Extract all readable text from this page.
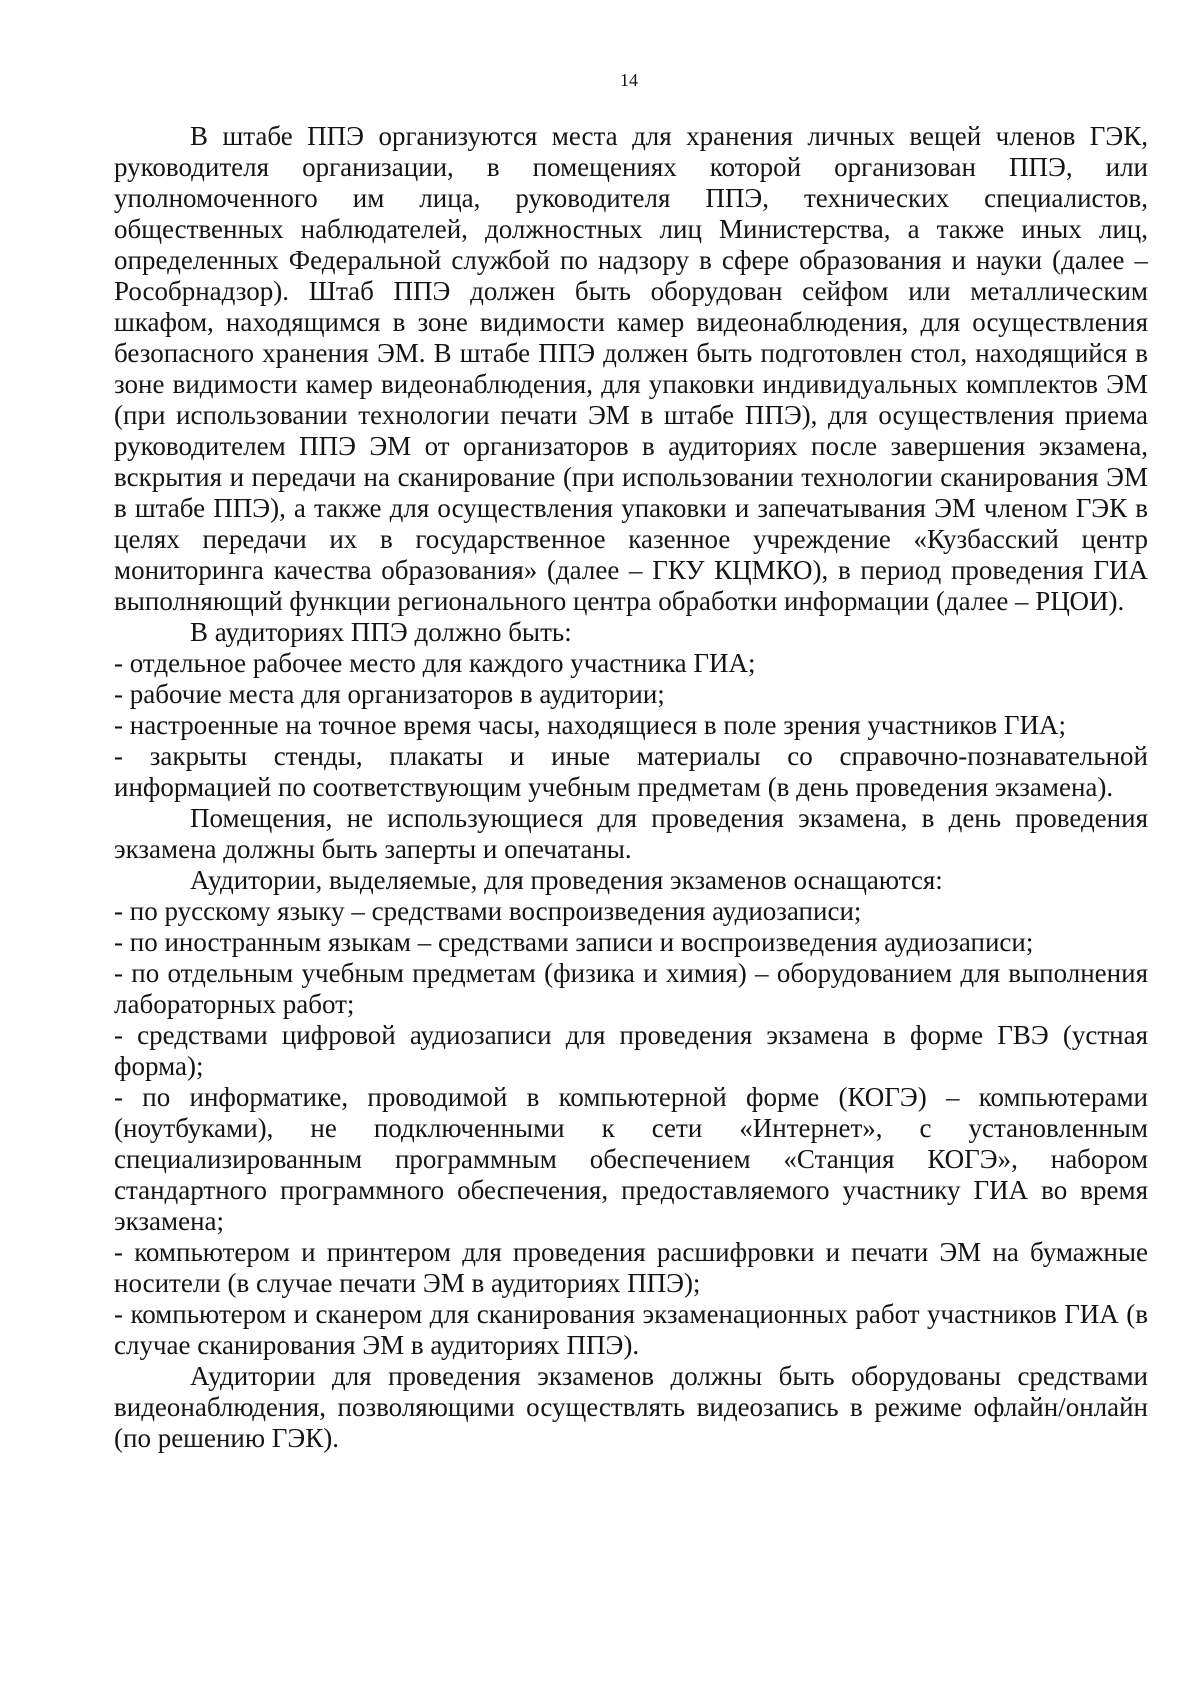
14

В штабе ППЭ организуются места для хранения личных вещей членов ГЭК, руководителя организации, в помещениях которой организован ППЭ, или уполномоченного им лица, руководителя ППЭ, технических специалистов, общественных наблюдателей, должностных лиц Министерства, а также иных лиц, определенных Федеральной службой по надзору в сфере образования и науки (далее – Рособрнадзор). Штаб ППЭ должен быть оборудован сейфом или металлическим шкафом, находящимся в зоне видимости камер видеонаблюдения, для осуществления безопасного хранения ЭМ. В штабе ППЭ должен быть подготовлен стол, находящийся в зоне видимости камер видеонаблюдения, для упаковки индивидуальных комплектов ЭМ (при использовании технологии печати ЭМ в штабе ППЭ), для осуществления приема руководителем ППЭ ЭМ от организаторов в аудиториях после завершения экзамена, вскрытия и передачи на сканирование (при использовании технологии сканирования ЭМ в штабе ППЭ), а также для осуществления упаковки и запечатывания ЭМ членом ГЭК в целях передачи их в государственное казенное учреждение «Кузбасский центр мониторинга качества образования» (далее – ГКУ КЦМКО), в период проведения ГИА выполняющий функции регионального центра обработки информации (далее – РЦОИ).

В аудиториях ППЭ должно быть:

- отдельное рабочее место для каждого участника ГИА;

- рабочие места для организаторов в аудитории;

- настроенные на точное время часы, находящиеся в поле зрения участников ГИА;

- закрыты стенды, плакаты и иные материалы со справочно-познавательной информацией по соответствующим учебным предметам (в день проведения экзамена).

Помещения, не использующиеся для проведения экзамена, в день проведения экзамена должны быть заперты и опечатаны.

Аудитории, выделяемые, для проведения экзаменов оснащаются:

- по русскому языку – средствами воспроизведения аудиозаписи;

- по иностранным языкам – средствами записи и воспроизведения аудиозаписи;

- по отдельным учебным предметам (физика и химия) – оборудованием для выполнения лабораторных работ;

- средствами цифровой аудиозаписи для проведения экзамена в форме ГВЭ (устная форма);

- по информатике, проводимой в компьютерной форме (КОГЭ) – компьютерами (ноутбуками), не подключенными к сети «Интернет», с установленным специализированным программным обеспечением «Станция КОГЭ», набором стандартного программного обеспечения, предоставляемого участнику ГИА во время экзамена;

- компьютером и принтером для проведения расшифровки и печати ЭМ на бумажные носители (в случае печати ЭМ в аудиториях ППЭ);

- компьютером и сканером для сканирования экзаменационных работ участников ГИА (в случае сканирования ЭМ в аудиториях ППЭ).

Аудитории для проведения экзаменов должны быть оборудованы средствами видеонаблюдения, позволяющими осуществлять видеозапись в режиме офлайн/онлайн (по решению ГЭК).
